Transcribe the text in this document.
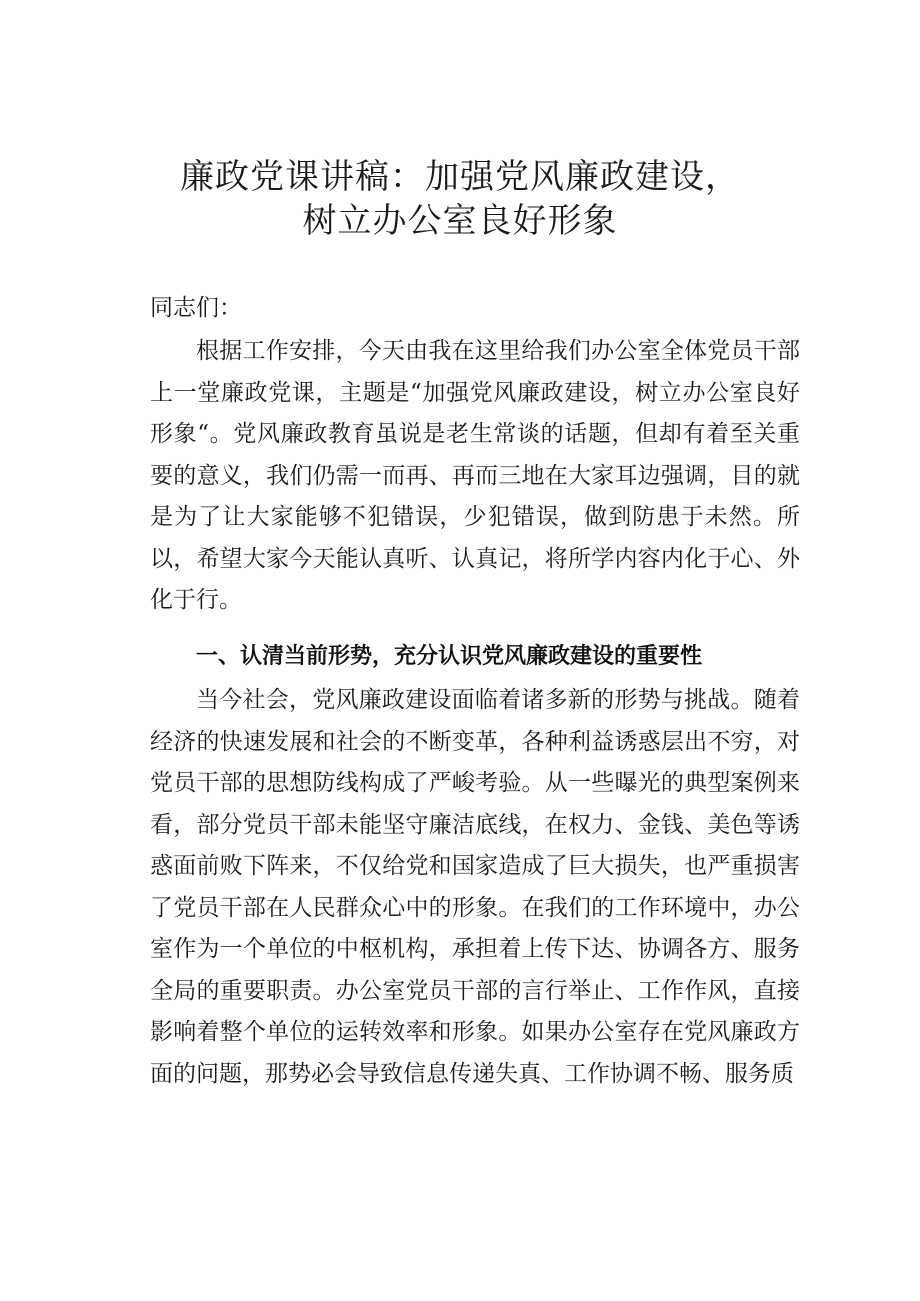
廉政党课讲稿：加强党风廉政建设，
树立办公室良好形象
同志们：
根据工作安排，今天由我在这里给我们办公室全体党员干部上一堂廉政党课，主题是“加强党风廉政建设，树立办公室良好形象“。党风廉政教育虽说是老生常谈的话题，但却有着至关重要的意义，我们仍需一而再、再而三地在大家耳边强调，目的就是为了让大家能够不犯错误，少犯错误，做到防患于未然。所以，希望大家今天能认真听、认真记，将所学内容内化于心、外化于行。
一、认清当前形势，充分认识党风廉政建设的重要性
当今社会，党风廉政建设面临着诸多新的形势与挑战。随着经济的快速发展和社会的不断变革，各种利益诱惑层出不穷，对党员干部的思想防线构成了严峻考验。从一些曝光的典型案例来看，部分党员干部未能坚守廉洁底线，在权力、金钱、美色等诱惑面前败下阵来，不仅给党和国家造成了巨大损失，也严重损害了党员干部在人民群众心中的形象。在我们的工作环境中，办公室作为一个单位的中枢机构，承担着上传下达、协调各方、服务全局的重要职责。办公室党员干部的言行举止、工作作风，直接影响着整个单位的运转效率和形象。如果办公室存在党风廉政方面的问题，那势必会导致信息传递失真、工作协调不畅、服务质
